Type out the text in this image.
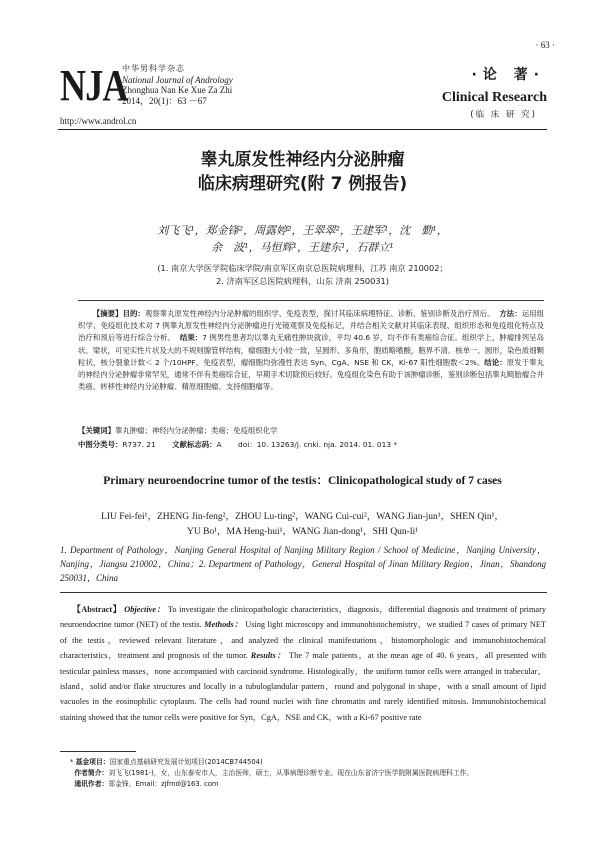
· 63 ·
NJA
中华男科学杂志
National Journal of Andrology
Zhonghua Nan Ke Xue Za Zhi
2014，20(1)：63 －67
http://www.androl.cn
·论 著·
Clinical Research
(临 床 研 究)
睾丸原发性神经内分泌肿瘤
临床病理研究(附 7 例报告)
刘飞飞¹，郑金锋²，周露婷²，王翠翠²，王建军¹，沈　勤¹，
余　波¹，马恒辉¹，王建东¹，石群立¹
(1. 南京大学医学院临床学院/南京军区南京总医院病理科，江苏 南京 210002；
2. 济南军区总医院病理科，山东 济南 250031)
【摘要】目的：观察睾丸原发性神经内分泌肿瘤的组织学、免疫表型，探讨其临床病理特征、诊断、鉴别诊断及治疗预后。 方法：运用组织学、免疫组化技术对 7 例睾丸原发性神经内分泌肿瘤进行光镜观察及免疫标记，并结合相关文献对其临床表现、组织形态和免疫组化特点及治疗和预后等进行综合分析。 结果：7 例男性患者均以睾丸无痛性肿块就诊，平均 40.6 岁，均不伴有类癌综合征。组织学上，肿瘤排列呈岛状、梁状，可见实性片状及大的不规则腺管样结构，瘤细胞大小较一致，呈圆形、多角形，胞质略嗜酸，胞界不清。核单一、圆形，染色质细颗粒状，核分裂象计数＜ 2 个/10HPF。免疫表型，瘤细胞均弥漫性表达 Syn、CgA、NSE 和 CK，Ki-67 阳性细胞数＜2%。结论：原发于睾丸的神经内分泌肿瘤非常罕见，通常不伴有类癌综合征，早期手术切除预后较好。免疫组化染色有助于该肿瘤诊断，鉴别诊断包括睾丸畸胎瘤合并类癌、转移性神经内分泌肿瘤、精原细胞瘤、支持细胞瘤等。
【关键词】睾丸肿瘤；神经内分泌肿瘤；类癌；免疫组织化学
中图分类号：R737. 21 文献标志码：A doi：10. 13263/j. cnki. nja. 2014. 01. 013 *
Primary neuroendocrine tumor of the testis：Clinicopathological study of 7 cases
LIU Fei-fei¹，ZHENG Jin-feng²，ZHOU Lu-ting²，WANG Cui-cui²，WANG Jian-jun¹，SHEN Qin¹，
YU Bo¹，MA Heng-hui¹，WANG Jian-dong¹，SHI Qun-li¹
1. Department of Pathology，Nanjing General Hospital of Nanjing Military Region / School of Medicine，Nanjing University，Nanjing，Jiangsu 210002，China；2. Department of Pathology，General Hospital of Jinan Military Region，Jinan，Shandong 250031，China
【Abstract】 Objective： To investigate the clinicopathologic characteristics，diagnosis，differential diagnosis and treatment of primary neuroendocrine tumor (NET) of the testis. Methods： Using light microscopy and immunohistochemistry，we studied 7 cases of primary NET of the testis，reviewed relevant literature，and analyzed the clinical manifestations，histomorphologic and immunohistochemical characteristics，treatment and prognosis of the tumor. Results： The 7 male patients，at the mean age of 40. 6 years，all presented with testicular painless masses，none accompanied with carcinoid syndrome. Histologically，the uniform tumor cells were arranged in trabecular，island，solid and/or flake structures and locally in a tubuloglandular pattern，round and polygonal in shape，with a small amount of lipid vacuoles in the eosinophilic cytoplasm. The cells had round nuclei with fine chromatin and rarely identified mitosis. Immunohistochemical staining showed that the tumor cells were positive for Syn，CgA，NSE and CK，with a Ki-67 positive rate
* 基金项目：国家重点基础研究发展计划项目(2014CB744504)
作者简介：刘飞飞(1981-)，女，山东泰安市人，主治医师，硕士，从事病理诊断专业。现在山东省济宁医学院附属医院病理科工作。
通讯作者：郑金锋，Email：zjfmd@163. com
